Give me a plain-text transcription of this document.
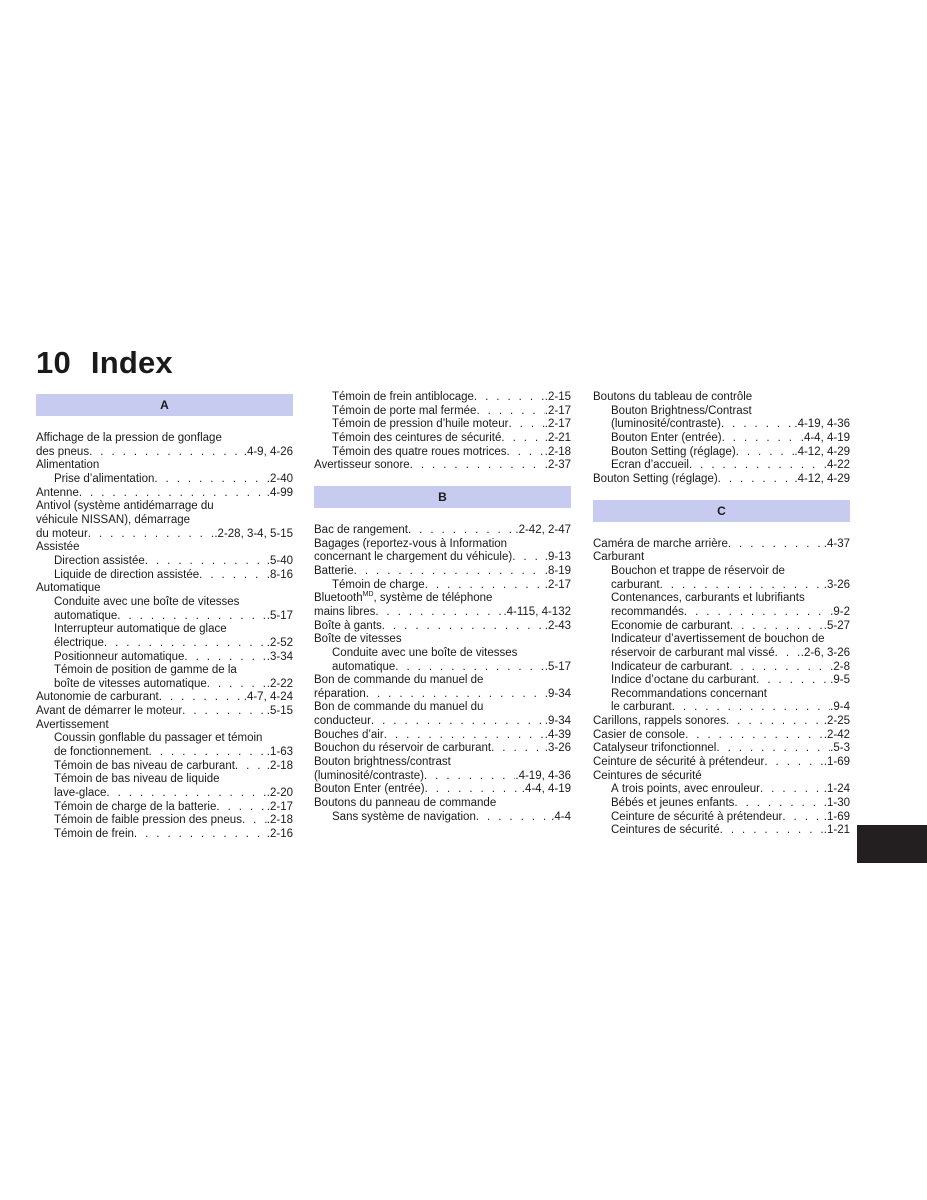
10 Index
A
Affichage de la pression de gonflage
des pneus . . .	.4-9, 4-26
Alimentation
Prise d’alimentation . . .	.2-40
Antenne . . .	.4-99
Antivol (système antidémarrage du
véhicule NISSAN), démarrage
du moteur . . .	.2-28, 3-4, 5-15
Assistée
Direction assistée . . .	.5-40
Liquide de direction assistée . . .	.8-16
Automatique
Conduite avec une boîte de vitesses
automatique . . .	.5-17
Interrupteur automatique de glace
électrique . . .	.2-52
Positionneur automatique . . .	.3-34
Témoin de position de gamme de la
boîte de vitesses automatique . . .	.2-22
Autonomie de carburant . . .	.4-7, 4-24
Avant de démarrer le moteur . . .	.5-15
Avertissement
Coussin gonflable du passager et témoin
de fonctionnement . . .	.1-63
Témoin de bas niveau de carburant . . .	.2-18
Témoin de bas niveau de liquide
lave-glace . . .	.2-20
Témoin de charge de la batterie . . .	.2-17
Témoin de faible pression des pneus . . . .2-18
Témoin de frein . . .	.2-16
Témoin de frein antiblocage . . .	.2-15
Témoin de porte mal fermée . . .	.2-17
Témoin de pression d’huile moteur . . .	.2-17
Témoin des ceintures de sécurité . . .	.2-21
Témoin des quatre roues motrices . . .	.2-18
Avertisseur sonore . . .	.2-37
B
Bac de rangement . . .	.2-42, 2-47
Bagages (reportez-vous à Information
concernant le chargement du véhicule) . . .	.9-13
Batterie . . .	.8-19
Témoin de charge . . .	.2-17
Bluetooth$^{MD}$, système de téléphone
mains libres . . .	.4-115, 4-132
Boîte à gants . . .	.2-43
Boîte de vitesses
Conduite avec une boîte de vitesses
automatique . . .	.5-17
Bon de commande du manuel de
réparation . . .	.9-34
Bon de commande du manuel du
conducteur . . .	.9-34
Bouches d’air . . .	.4-39
Bouchon du réservoir de carburant . . .	.3-26
Bouton brightness/contrast
(luminosité/contraste) . . .	.4-19, 4-36
Bouton Enter (entrée) . . .	.4-4, 4-19
Boutons du panneau de commande
Sans système de navigation . . .	.4-4
Boutons du tableau de contrôle
Bouton Brightness/Contrast
(luminosité/contraste) . . .	.4-19, 4-36
Bouton Enter (entrée) . . .	.4-4, 4-19
Bouton Setting (réglage) . . .	.4-12, 4-29
Écran d’accueil . . .	.4-22
Bouton Setting (réglage) . . .	.4-12, 4-29
C
Caméra de marche arrière . . .	.4-37
Carburant
Bouchon et trappe de réservoir de
carburant . . .	.3-26
Contenances, carburants et lubrifiants
recommandés . . .	.9-2
Économie de carburant . . .	.5-27
Indicateur d’avertissement de bouchon de
réservoir de carburant mal vissé . . . .2-6, 3-26
Indicateur de carburant . . .	.2-8
Indice d’octane du carburant . . .	.9-5
Recommandations concernant
le carburant . . .	.9-4
Carillons, rappels sonores . . .	.2-25
Casier de console . . .	.2-42
Catalyseur trifonctionnel . . .	.5-3
Ceinture de sécurité à prétendeur . . .	.1-69
Ceintures de sécurité
À trois points, avec enrouleur . . .	.1-24
Bébés et jeunes enfants . . .	.1-30
Ceinture de sécurité à prétendeur . . .	.1-69
Ceintures de sécurité . . .	.1-21
